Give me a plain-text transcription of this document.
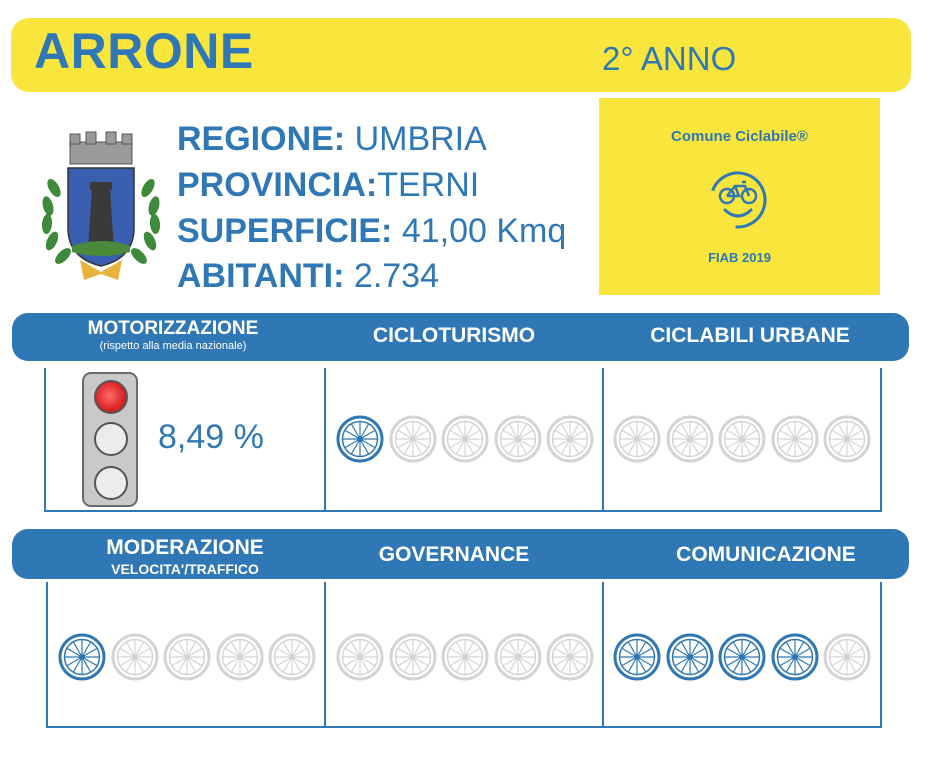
ARRONE	2° ANNO
REGIONE: UMBRIA
PROVINCIA:TERNI
SUPERFICIE: 41,00 Kmq
ABITANTI: 2.734
Comune Ciclabile®
FIAB 2019
MOTORIZZAZIONE
(rispetto alla media nazionale)	CICLOTURISMO	CICLABILI URBANE
8,49 %
MODERAZIONE
VELOCITA'/TRAFFICO
GOVERNANCE	COMUNICAZIONE
